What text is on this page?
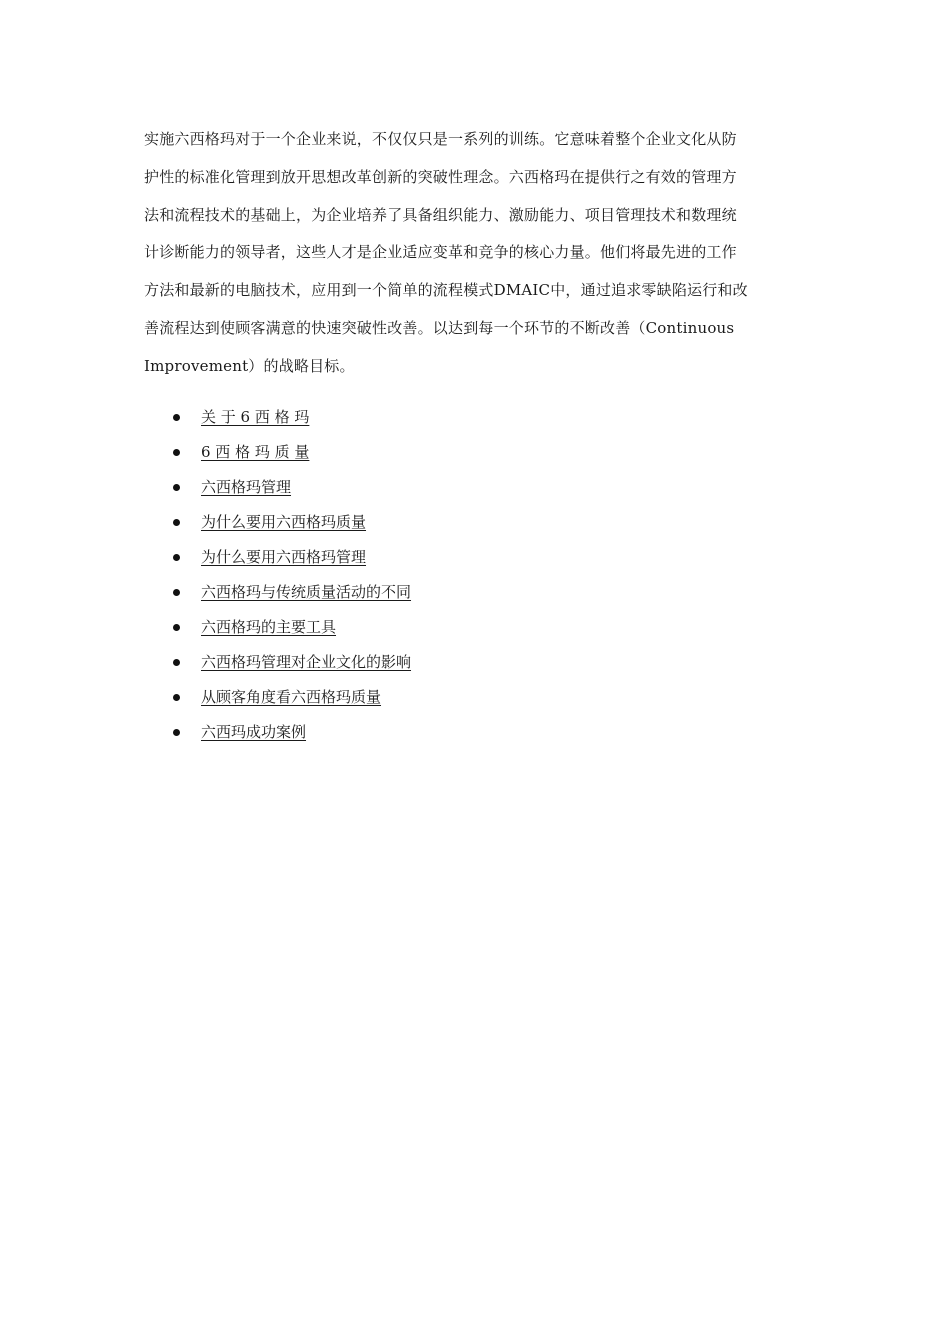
实施六西格玛对于一个企业来说，不仅仅只是一系列的训练。它意味着整个企业文化从防
护性的标准化管理到放开思想改革创新的突破性理念。六西格玛在提供行之有效的管理方
法和流程技术的基础上，为企业培养了具备组织能力、激励能力、项目管理技术和数理统
计诊断能力的领导者，这些人才是企业适应变革和竞争的核心力量。他们将最先进的工作
方法和最新的电脑技术，应用到一个简单的流程模式DMAIC中，通过追求零缺陷运行和改
善流程达到使顾客满意的快速突破性改善。以达到每一个环节的不断改善（Continuous
Improvement）的战略目标。

关 于 6 西 格 玛
6 西 格 玛 质 量
六西格玛管理
为什么要用六西格玛质量
为什么要用六西格玛管理
六西格玛与传统质量活动的不同
六西格玛的主要工具
六西格玛管理对企业文化的影响
从顾客角度看六西格玛质量
六西玛成功案例
